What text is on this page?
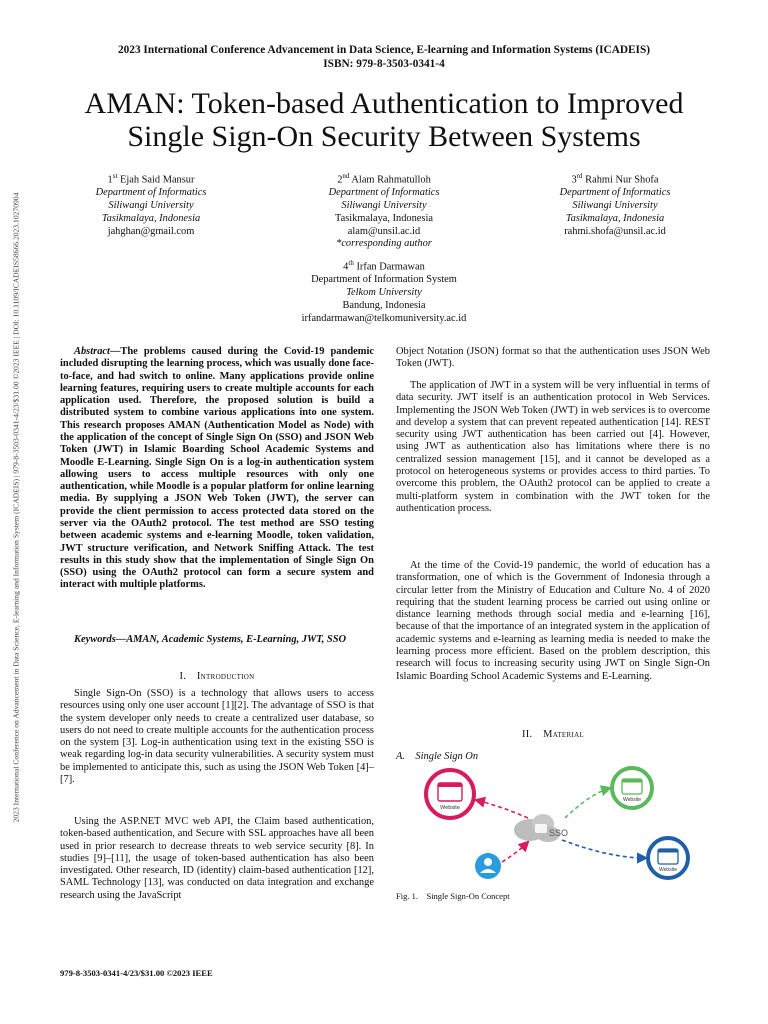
2023 International Conference on Advancement in Data Science, E-learning and Information System (ICADEIS) | 979-8-3503-0341-4/23/$31.00 ©2023 IEEE | DOI: 10.1109/ICADEIS58666.2023.10270904
2023 International Conference Advancement in Data Science, E-learning and Information Systems (ICADEIS)
ISBN: 979-8-3503-0341-4
AMAN: Token-based Authentication to Improved
Single Sign-On Security Between Systems
1st Ejah Said Mansur
Department of Informatics
Siliwangi University
Tasikmalaya, Indonesia
jahghan@gmail.com
2nd Alam Rahmatulloh
Department of Informatics
Siliwangi University
Tasikmalaya, Indonesia
alam@unsil.ac.id
*corresponding author
3rd Rahmi Nur Shofa
Department of Informatics
Siliwangi University
Tasikmalaya, Indonesia
rahmi.shofa@unsil.ac.id
4th Irfan Darmawan
Department of Information System
Telkom University
Bandung, Indonesia
irfandarmawan@telkomuniversity.ac.id

Abstract—The problems caused during the Covid-19 pandemic included disrupting the learning process, which was usually done face-to-face, and had switch to online. Many applications provide online learning features, requiring users to create multiple accounts for each application used. Therefore, the proposed solution is build a distributed system to combine various applications into one system. This research proposes AMAN (Authentication Model as Node) with the application of the concept of Single Sign On (SSO) and JSON Web Token (JWT) in Islamic Boarding School Academic Systems and Moodle E-Learning. Single Sign On is a log-in authentication system allowing users to access multiple resources with only one authentication, while Moodle is a popular platform for online learning media. By supplying a JSON Web Token (JWT), the server can provide the client permission to access protected data stored on the server via the OAuth2 protocol. The test method are SSO testing between academic systems and e-learning Moodle, token validation, JWT structure verification, and Network Sniffing Attack. The test results in this study show that the implementation of Single Sign On (SSO) using the OAuth2 protocol can form a secure system and interact with multiple platforms.

Keywords—AMAN, Academic Systems, E-Learning, JWT, SSO

I. Introduction

Single Sign-On (SSO) is a technology that allows users to access resources using only one user account [1][2]. The advantage of SSO is that the system developer only needs to create a centralized user database, so users do not need to create multiple accounts for the authentication process on the system [3]. Log-in authentication using text in the existing SSO is weak regarding log-in data security vulnerabilities. A security system must be implemented to anticipate this, such as using the JSON Web Token [4]–[7].

Using the ASP.NET MVC web API, the Claim based authentication, token-based authentication, and Secure with SSL approaches have all been used in prior research to decrease threats to web service security [8]. In studies [9]–[11], the usage of token-based authentication has also been investigated. Other research, ID (identity) claim-based authentication [12], SAML Technology [13], was conducted on data integration and exchange research using the JavaScript

Object Notation (JSON) format so that the authentication uses JSON Web Token (JWT).

The application of JWT in a system will be very influential in terms of data security. JWT itself is an authentication protocol in Web Services. Implementing the JSON Web Token (JWT) in web services is to overcome and develop a system that can prevent repeated authentication [14]. REST security using JWT authentication has been carried out [4]. However, using JWT as authentication also has limitations where there is no centralized session management [15], and it cannot be developed as a protocol on heterogeneous systems or provides access to third parties. To overcome this problem, the OAuth2 protocol can be applied to create a multi-platform system in combination with the JWT token for the authentication process.

At the time of the Covid-19 pandemic, the world of education has a transformation, one of which is the Government of Indonesia through a circular letter from the Ministry of Education and Culture No. 4 of 2020 requiring that the student learning process be carried out using online or distance learning methods through social media and e-learning [16], because of that the importance of an integrated system in the application of academic systems and e-learning as learning media is needed to make the learning process more efficient. Based on the problem description, this research will focus to increasing security using JWT on Single Sign-On Islamic Boarding School Academic Systems and E-Learning.

II. Material
A. Single Sign On
Website
Website
Website
SSO
Fig. 1. Single Sign-On Concept
979-8-3503-0341-4/23/$31.00 ©2023 IEEE
